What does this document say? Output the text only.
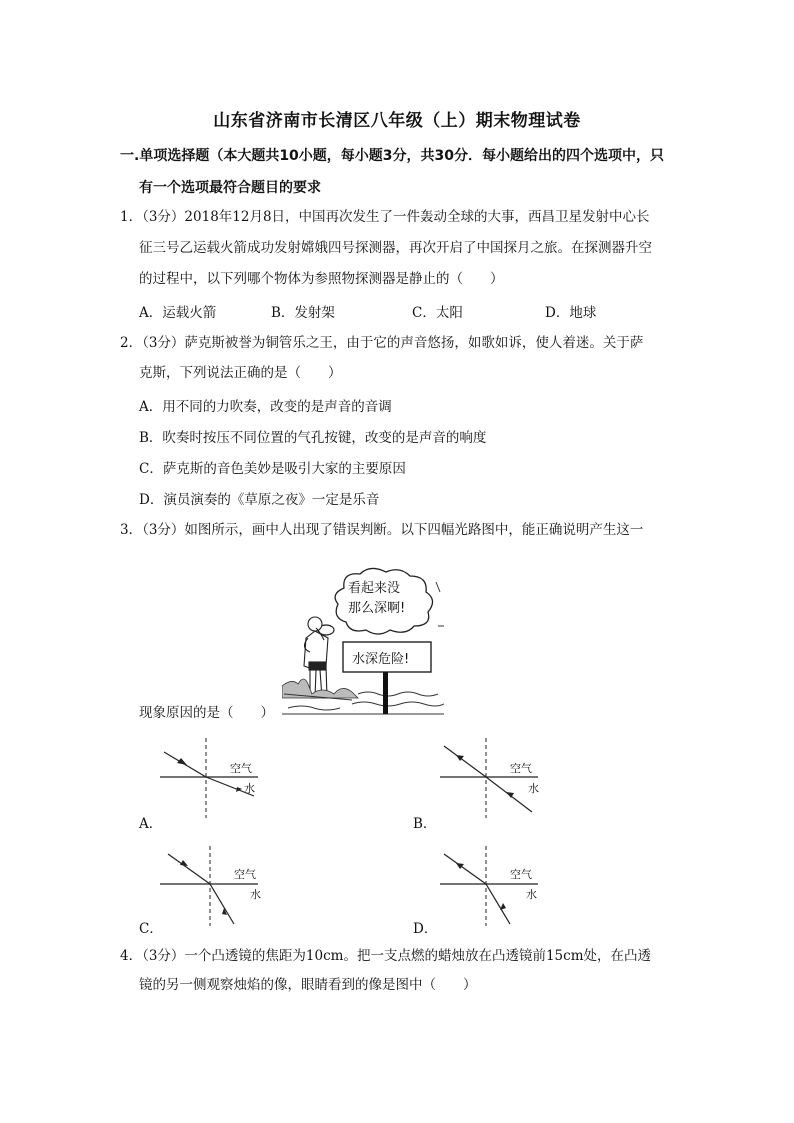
山东省济南市长清区八年级（上）期末物理试卷
一.单项选择题（本大题共10小题，每小题3分，共30分．每小题给出的四个选项中，只
有一个选项最符合题目的要求
1．（3分）2018年12月8日，中国再次发生了一件轰动全球的大事，西昌卫星发射中心长
征三号乙运载火箭成功发射嫦娥四号探测器，再次开启了中国探月之旅。在探测器升空
的过程中，以下列哪个物体为参照物探测器是静止的（　　）
A．运载火箭	B．发射架	C．太阳	D．地球
2．（3分）萨克斯被誉为铜管乐之王，由于它的声音悠扬，如歌如诉，使人着迷。关于萨
克斯，下列说法正确的是（　　）
A．用不同的力吹奏，改变的是声音的音调
B．吹奏时按压不同位置的气孔按键，改变的是声音的响度
C．萨克斯的音色美妙是吸引大家的主要原因
D．演员演奏的《草原之夜》一定是乐音
3．（3分）如图所示，画中人出现了错误判断。以下四幅光路图中，能正确说明产生这一
看起来没
那么深啊!
水深危险!
现象原因的是（　　）
空气
水
A．
空气
水
B．
空气
水
C．
空气
水
D．
4．（3分）一个凸透镜的焦距为10cm。把一支点燃的蜡烛放在凸透镜前15cm处，在凸透
镜的另一侧观察烛焰的像，眼睛看到的像是图中（　　）
